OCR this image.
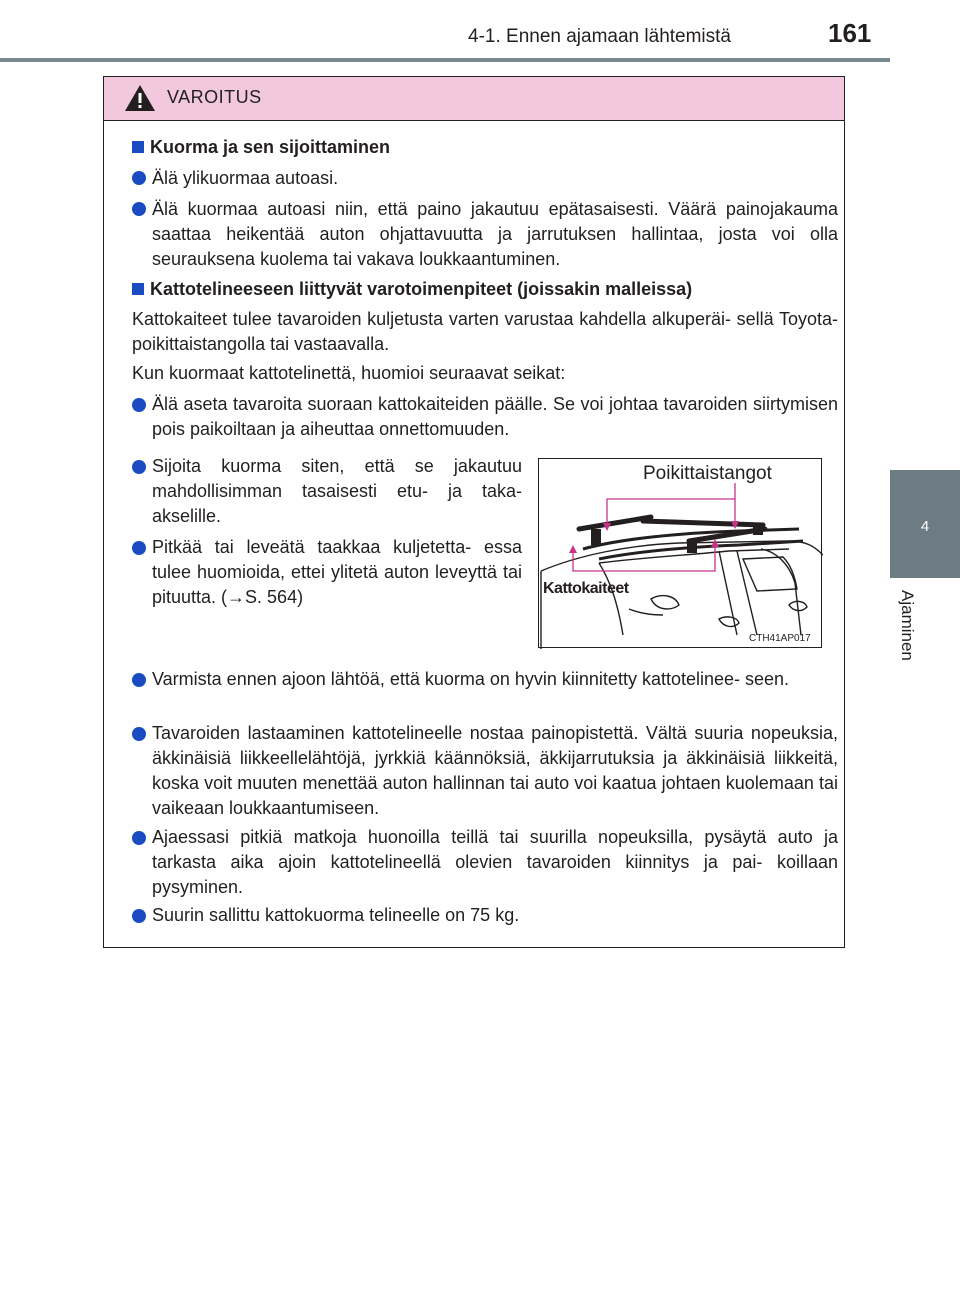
4-1. Ennen ajamaan lähtemistä	161
4
Ajaminen
VAROITUS
Kuorma ja sen sijoittaminen
Älä ylikuormaa autoasi.
Älä kuormaa autoasi niin, että paino jakautuu epätasaisesti. Väärä painojakauma saattaa heikentää auton ohjattavuutta ja jarrutuksen hallintaa, josta voi olla seurauksena kuolema tai vakava loukkaantuminen.
Kattotelineeseen liittyvät varotoimenpiteet (joissakin malleissa)
Kattokaiteet tulee tavaroiden kuljetusta varten varustaa kahdella alkuperäi- sellä Toyota-poikittaistangolla tai vastaavalla.
Kun kuormaat kattotelinettä, huomioi seuraavat seikat:
Älä aseta tavaroita suoraan kattokaiteiden päälle. Se voi johtaa tavaroiden siirtymisen pois paikoiltaan ja aiheuttaa onnettomuuden.
Sijoita kuorma siten, että se jakautuu mahdollisimman tasaisesti etu- ja taka- akselille.
Pitkää tai leveätä taakkaa kuljetetta- essa tulee huomioida, ettei ylitetä auton leveyttä tai pituutta. (→S. 564)
Poikittaistangot
Kattokaiteet
CTH41AP017
Varmista ennen ajoon lähtöä, että kuorma on hyvin kiinnitetty kattotelinee- seen.
Tavaroiden lastaaminen kattotelineelle nostaa painopistettä. Vältä suuria nopeuksia, äkkinäisiä liikkeellelähtöjä, jyrkkiä käännöksiä, äkkijarrutuksia ja äkkinäisiä liikkeitä, koska voit muuten menettää auton hallinnan tai auto voi kaatua johtaen kuolemaan tai vaikeaan loukkaantumiseen.
Ajaessasi pitkiä matkoja huonoilla teillä tai suurilla nopeuksilla, pysäytä auto ja tarkasta aika ajoin kattotelineellä olevien tavaroiden kiinnitys ja pai- koillaan pysyminen.
Suurin sallittu kattokuorma telineelle on 75 kg.
